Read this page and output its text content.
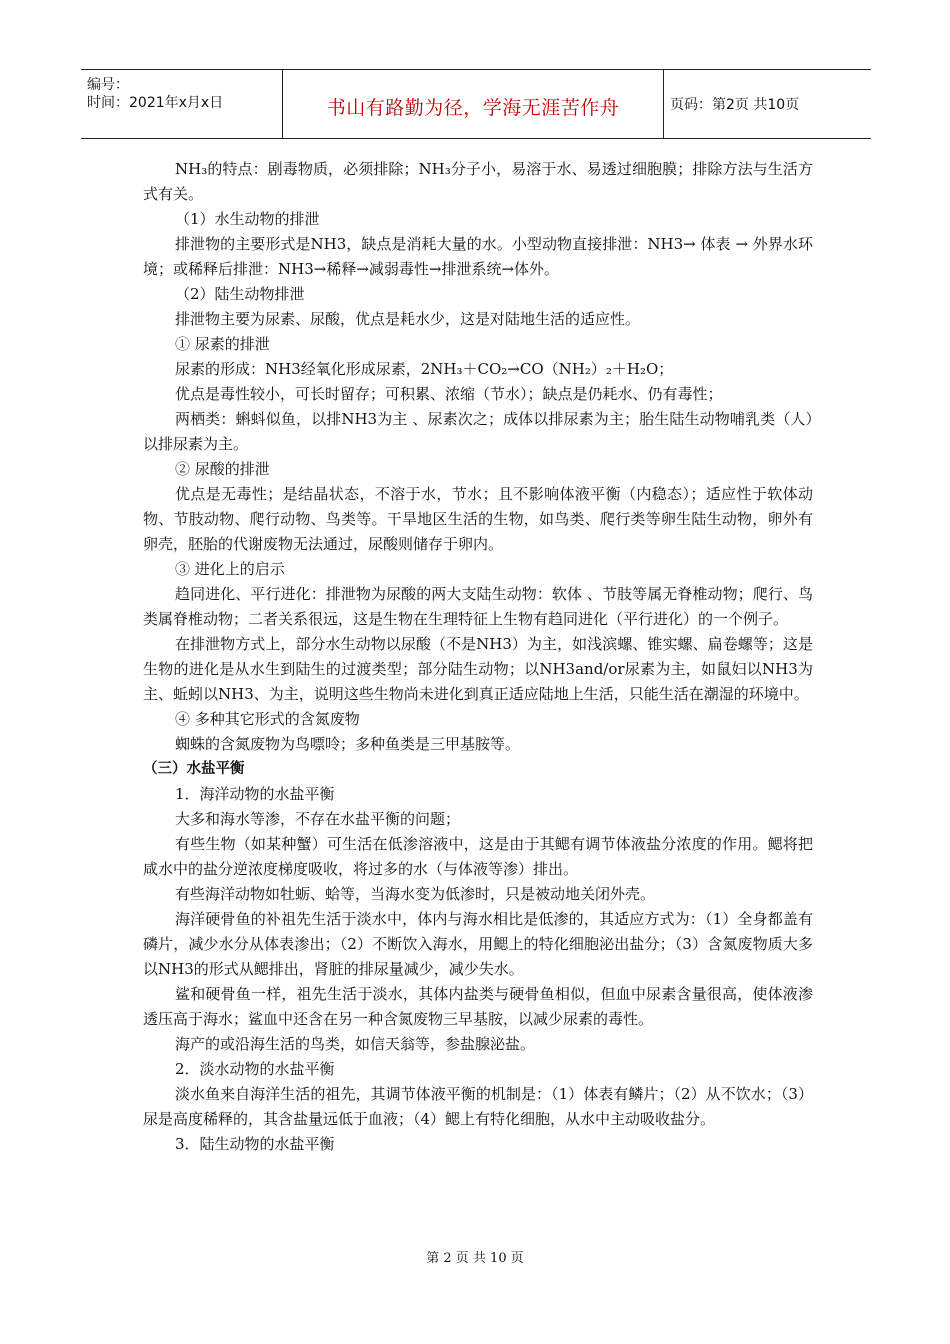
编号：
时间：2021年x月x日	书山有路勤为径，学海无涯苦作舟	页码：第2页 共10页

NH₃的特点：剧毒物质，必须排除；NH₃分子小，易溶于水、易透过细胞膜；排除方法与生活方式有关。

（1）水生动物的排泄

排泄物的主要形式是NH3，缺点是消耗大量的水。小型动物直接排泄：NH3→ 体表 → 外界水环境；或稀释后排泄：NH3→稀释→减弱毒性→排泄系统→体外。

（2）陆生动物排泄

排泄物主要为尿素、尿酸，优点是耗水少，这是对陆地生活的适应性。

① 尿素的排泄

尿素的形成：NH3经氧化形成尿素，2NH₃＋CO₂→CO（NH₂）₂＋H₂O；

优点是毒性较小，可长时留存；可积累、浓缩（节水）；缺点是仍耗水、仍有毒性；

两栖类：蝌蚪似鱼，以排NH3为主 、尿素次之；成体以排尿素为主；胎生陆生动物哺乳类（人）以排尿素为主。

② 尿酸的排泄

优点是无毒性；是结晶状态，不溶于水，节水；且不影响体液平衡（内稳态）；适应性于软体动物、节肢动物、爬行动物、鸟类等。干旱地区生活的生物，如鸟类、爬行类等卵生陆生动物，卵外有卵壳，胚胎的代谢废物无法通过，尿酸则储存于卵内。

③ 进化上的启示

趋同进化、平行进化：排泄物为尿酸的两大支陆生动物：软体 、节肢等属无脊椎动物；爬行、鸟类属脊椎动物；二者关系很远，这是生物在生理特征上生物有趋同进化（平行进化）的一个例子。

在排泄物方式上，部分水生动物以尿酸（不是NH3）为主，如浅滨螺、锥实螺、扁卷螺等；这是生物的进化是从水生到陆生的过渡类型；部分陆生动物；以NH3and/or尿素为主，如鼠妇以NH3为主、蚯蚓以NH3、为主，说明这些生物尚未进化到真正适应陆地上生活，只能生活在潮湿的环境中。

④ 多种其它形式的含氮废物

蜘蛛的含氮废物为鸟嘌呤；多种鱼类是三甲基胺等。

（三）水盐平衡

1．海洋动物的水盐平衡

大多和海水等渗，不存在水盐平衡的问题；

有些生物（如某种蟹）可生活在低渗溶液中，这是由于其鳃有调节体液盐分浓度的作用。鳃将把咸水中的盐分逆浓度梯度吸收，将过多的水（与体液等渗）排出。

有些海洋动物如牡蛎、蛤等，当海水变为低渗时，只是被动地关闭外壳。

海洋硬骨鱼的补祖先生活于淡水中，体内与海水相比是低渗的，其适应方式为：（1）全身都盖有磷片，减少水分从体表渗出；（2）不断饮入海水，用鳃上的特化细胞泌出盐分；（3）含氮废物质大多以NH3的形式从鳃排出，肾脏的排尿量减少，减少失水。

鲨和硬骨鱼一样，祖先生活于淡水，其体内盐类与硬骨鱼相似，但血中尿素含量很高，使体液渗透压高于海水；鲨血中还含在另一种含氮废物三早基胺，以减少尿素的毒性。

海产的或沿海生活的鸟类，如信天翁等，参盐腺泌盐。

2．淡水动物的水盐平衡

淡水鱼来自海洋生活的祖先，其调节体液平衡的机制是：（1）体表有鳞片；（2）从不饮水；（3）尿是高度稀释的，其含盐量远低于血液；（4）鳃上有特化细胞，从水中主动吸收盐分。

3．陆生动物的水盐平衡

第 2 页 共 10 页
